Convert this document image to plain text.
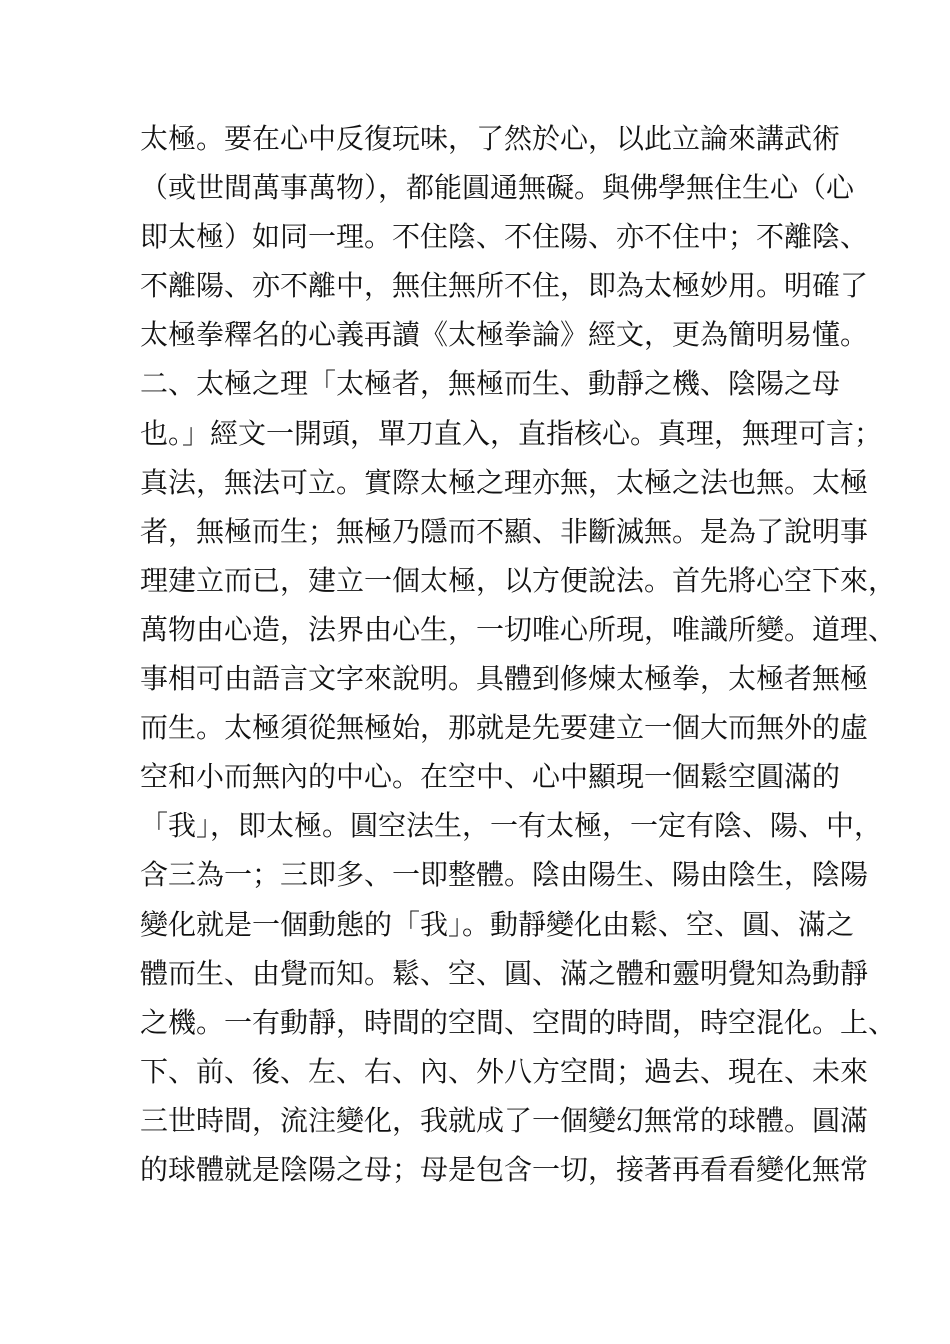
太極。要在心中反復玩味，了然於心，以此立論來講武術
（或世間萬事萬物），都能圓通無礙。與佛學無住生心（心
即太極）如同一理。不住陰、不住陽、亦不住中；不離陰、
不離陽、亦不離中，無住無所不住，即為太極妙用。明確了
太極拳釋名的心義再讀《太極拳論》經文，更為簡明易懂。
二、太極之理「太極者，無極而生、動靜之機、陰陽之母
也。」經文一開頭，單刀直入，直指核心。真理，無理可言；
真法，無法可立。實際太極之理亦無，太極之法也無。太極
者，無極而生；無極乃隱而不顯、非斷滅無。是為了說明事
理建立而已，建立一個太極，以方便說法。首先將心空下來，
萬物由心造，法界由心生，一切唯心所現，唯識所變。道理、
事相可由語言文字來說明。具體到修煉太極拳，太極者無極
而生。太極須從無極始，那就是先要建立一個大而無外的虛
空和小而無內的中心。在空中、心中顯現一個鬆空圓滿的
「我」，即太極。圓空法生，一有太極，一定有陰、陽、中，
含三為一；三即多、一即整體。陰由陽生、陽由陰生，陰陽
變化就是一個動態的「我」。動靜變化由鬆、空、圓、滿之
體而生、由覺而知。鬆、空、圓、滿之體和靈明覺知為動靜
之機。一有動靜，時間的空間、空間的時間，時空混化。上、
下、前、後、左、右、內、外八方空間；過去、現在、未來
三世時間，流注變化，我就成了一個變幻無常的球體。圓滿
的球體就是陰陽之母；母是包含一切，接著再看看變化無常
